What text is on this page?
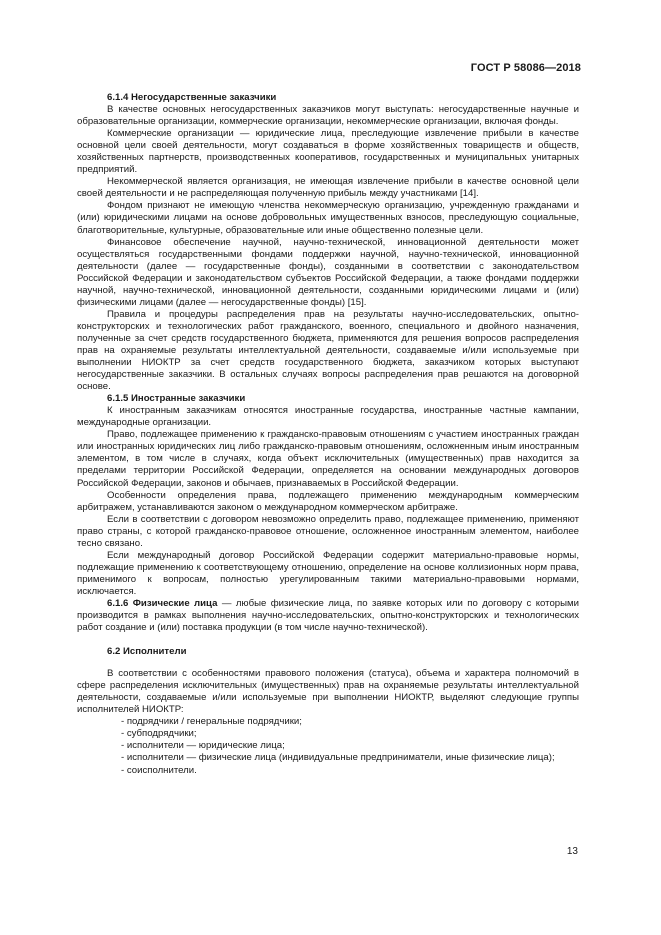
ГОСТ Р 58086—2018

6.1.4 Негосударственные заказчики

В качестве основных негосударственных заказчиков могут выступать: негосударственные научные и образовательные организации, коммерческие организации, некоммерческие организации, включая фонды.

Коммерческие организации — юридические лица, преследующие извлечение прибыли в качестве основной цели своей деятельности, могут создаваться в форме хозяйственных товариществ и обществ, хозяйственных партнерств, производственных кооперативов, государственных и муниципальных унитарных предприятий.

Некоммерческой является организация, не имеющая извлечение прибыли в качестве основной цели своей деятельности и не распределяющая полученную прибыль между участниками [14].

Фондом признают не имеющую членства некоммерческую организацию, учрежденную гражданами и (или) юридическими лицами на основе добровольных имущественных взносов, преследующую социальные, благотворительные, культурные, образовательные или иные общественно полезные цели.

Финансовое обеспечение научной, научно-технической, инновационной деятельности может осуществляться государственными фондами поддержки научной, научно-технической, инновационной деятельности (далее — государственные фонды), созданными в соответствии с законодательством Российской Федерации и законодательством субъектов Российской Федерации, а также фондами поддержки научной, научно-технической, инновационной деятельности, созданными юридическими лицами и (или) физическими лицами (далее — негосударственные фонды) [15].

Правила и процедуры распределения прав на результаты научно-исследовательских, опытно-конструкторских и технологических работ гражданского, военного, специального и двойного назначения, полученные за счет средств государственного бюджета, применяются для решения вопросов распределения прав на охраняемые результаты интеллектуальной деятельности, создаваемые и/или используемые при выполнении НИОКТР за счет средств государственного бюджета, заказчиком которых выступают негосударственные заказчики. В остальных случаях вопросы распределения прав решаются на договорной основе.

6.1.5 Иностранные заказчики

К иностранным заказчикам относятся иностранные государства, иностранные частные кампании, международные организации.

Право, подлежащее применению к гражданско-правовым отношениям с участием иностранных граждан или иностранных юридических лиц либо гражданско-правовым отношениям, осложненным иным иностранным элементом, в том числе в случаях, когда объект исключительных (имущественных) прав находится за пределами территории Российской Федерации, определяется на основании международных договоров Российской Федерации, законов и обычаев, признаваемых в Российской Федерации.

Особенности определения права, подлежащего применению международным коммерческим арбитражем, устанавливаются законом о международном коммерческом арбитраже.

Если в соответствии с договором невозможно определить право, подлежащее применению, применяют право страны, с которой гражданско-правовое отношение, осложненное иностранным элементом, наиболее тесно связано.

Если международный договор Российской Федерации содержит материально-правовые нормы, подлежащие применению к соответствующему отношению, определение на основе коллизионных норм права, применимого к вопросам, полностью урегулированным такими материально-правовыми нормами, исключается.

6.1.6 Физические лица — любые физические лица, по заявке которых или по договору с которыми производится в рамках выполнения научно-исследовательских, опытно-конструкторских и технологических работ создание и (или) поставка продукции (в том числе научно-технической).

6.2 Исполнители

В соответствии с особенностями правового положения (статуса), объема и характера полномочий в сфере распределения исключительных (имущественных) прав на охраняемые результаты интеллектуальной деятельности, создаваемые и/или используемые при выполнении НИОКТР, выделяют следующие группы исполнителей НИОКТР:

- подрядчики / генеральные подрядчики;
- субподрядчики;
- исполнители — юридические лица;
- исполнители — физические лица (индивидуальные предприниматели, иные физические лица);
- соисполнители.
13
